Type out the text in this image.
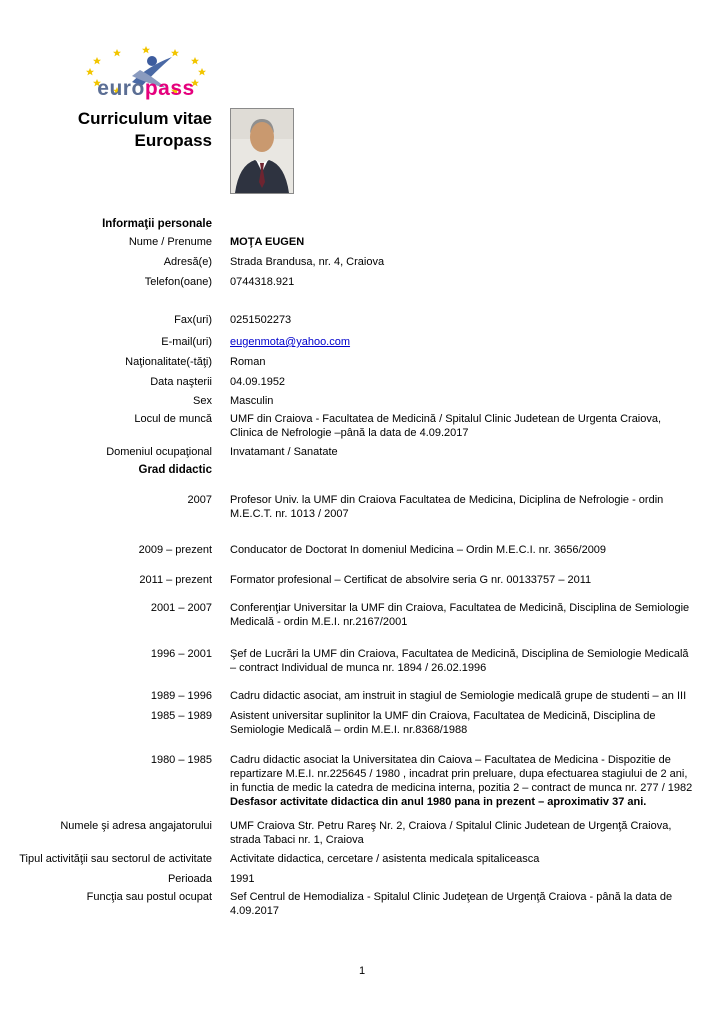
europass
Curriculum vitae
Europass
Informaţii personale
Nume / Prenume	MOŢA EUGEN
Adresă(e)	Strada Brandusa, nr. 4, Craiova
Telefon(oane)	0744318.921
Fax(uri)	0251502273
E-mail(uri)	eugenmota@yahoo.com
Naţionalitate(-tăţi)	Roman
Data naşterii	04.09.1952
Sex	Masculin
Locul de muncă	UMF din Craiova - Facultatea de Medicină / Spitalul Clinic Judetean de Urgenta Craiova, Clinica de Nefrologie –până la data de 4.09.2017
Domeniul ocupaţional	Invatamant / Sanatate
Grad didactic
2007	Profesor Univ. la UMF din Craiova Facultatea de Medicina, Diciplina de Nefrologie - ordin M.E.C.T. nr. 1013 / 2007
2009 – prezent	Conducator de Doctorat In domeniul Medicina – Ordin M.E.C.I. nr. 3656/2009
2011 – prezent	Formator profesional – Certificat de absolvire seria G nr. 00133757 – 2011
2001 – 2007	Conferenţiar Universitar la UMF din Craiova, Facultatea de Medicină, Disciplina de Semiologie Medicală - ordin M.E.I. nr.2167/2001
1996 – 2001	Şef de Lucrări la UMF din Craiova, Facultatea de Medicină, Disciplina de Semiologie Medicală – contract Individual de munca nr. 1894 / 26.02.1996
1989 – 1996	Cadru didactic asociat, am instruit in stagiul de Semiologie medicală grupe de studenti – an III
1985 – 1989	Asistent universitar suplinitor la UMF din Craiova, Facultatea de Medicină, Disciplina de Semiologie Medicală – ordin M.E.I. nr.8368/1988
1980 – 1985	Cadru didactic asociat la Universitatea din Caiova – Facultatea de Medicina - Dispozitie de repartizare M.E.I. nr.225645 / 1980 , incadrat prin preluare, dupa efectuarea stagiului de 2 ani, in functia de medic la catedra de medicina interna, pozitia 2 – contract de munca nr. 277 / 1982 Desfasor activitate didactica din anul 1980 pana in prezent – aproximativ 37 ani.
Numele şi adresa angajatorului	UMF Craiova Str. Petru Rareş Nr. 2, Craiova / Spitalul Clinic Judetean de Urgenţă Craiova, strada Tabaci nr. 1, Craiova
Tipul activităţii sau sectorul de activitate	Activitate didactica, cercetare / asistenta medicala spitaliceasca
Perioada	1991
Funcţia sau postul ocupat	Sef Centrul de Hemodializa - Spitalul Clinic Judeţean de Urgenţă Craiova - până la data de 4.09.2017
1
